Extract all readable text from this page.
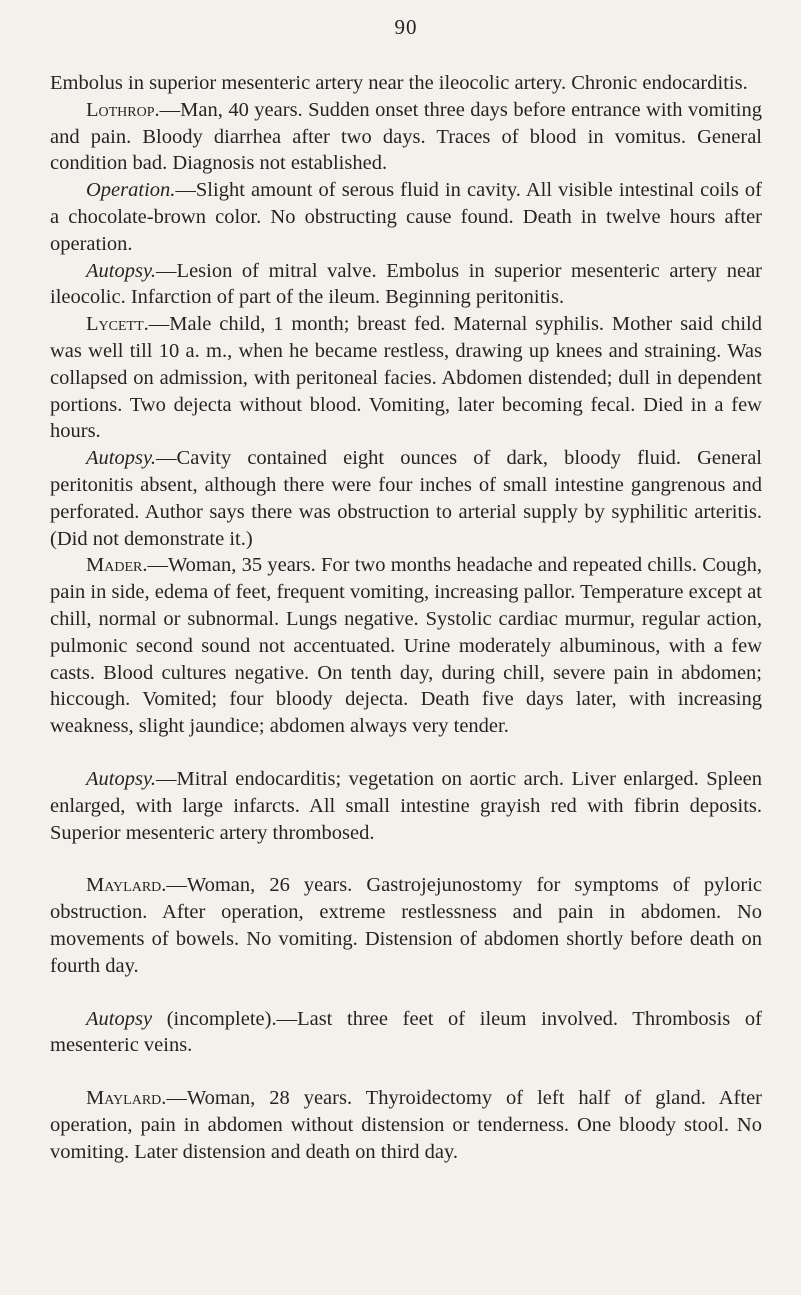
90

Embolus in superior mesenteric artery near the ileocolic artery. Chronic endocarditis.

Lothrop.—Man, 40 years. Sudden onset three days before entrance with vomiting and pain. Bloody diarrhea after two days. Traces of blood in vomitus. General condition bad. Diagnosis not established.

Operation.—Slight amount of serous fluid in cavity. All visible intestinal coils of a chocolate-brown color. No obstructing cause found. Death in twelve hours after operation.

Autopsy.—Lesion of mitral valve. Embolus in superior mesenteric artery near ileocolic. Infarction of part of the ileum. Beginning peritonitis.

Lycett.—Male child, 1 month; breast fed. Maternal syphilis. Mother said child was well till 10 a. m., when he became restless, drawing up knees and straining. Was collapsed on admission, with peritoneal facies. Abdomen distended; dull in dependent portions. Two dejecta without blood. Vomiting, later becoming fecal. Died in a few hours.

Autopsy.—Cavity contained eight ounces of dark, bloody fluid. General peritonitis absent, although there were four inches of small intestine gangrenous and perforated. Author says there was obstruction to arterial supply by syphilitic arteritis. (Did not demonstrate it.)

Mader.—Woman, 35 years. For two months headache and repeated chills. Cough, pain in side, edema of feet, frequent vomiting, increasing pallor. Temperature except at chill, normal or subnormal. Lungs negative. Systolic cardiac murmur, regular action, pulmonic second sound not accentuated. Urine moderately albuminous, with a few casts. Blood cultures negative. On tenth day, during chill, severe pain in abdomen; hiccough. Vomited; four bloody dejecta. Death five days later, with increasing weakness, slight jaundice; abdomen always very tender.

Autopsy.—Mitral endocarditis; vegetation on aortic arch. Liver enlarged. Spleen enlarged, with large infarcts. All small intestine grayish red with fibrin deposits. Superior mesenteric artery thrombosed.

Maylard.—Woman, 26 years. Gastrojejunostomy for symptoms of pyloric obstruction. After operation, extreme restlessness and pain in abdomen. No movements of bowels. No vomiting. Distension of abdomen shortly before death on fourth day.

Autopsy (incomplete).—Last three feet of ileum involved. Thrombosis of mesenteric veins.

Maylard.—Woman, 28 years. Thyroidectomy of left half of gland. After operation, pain in abdomen without distension or tenderness. One bloody stool. No vomiting. Later distension and death on third day.
